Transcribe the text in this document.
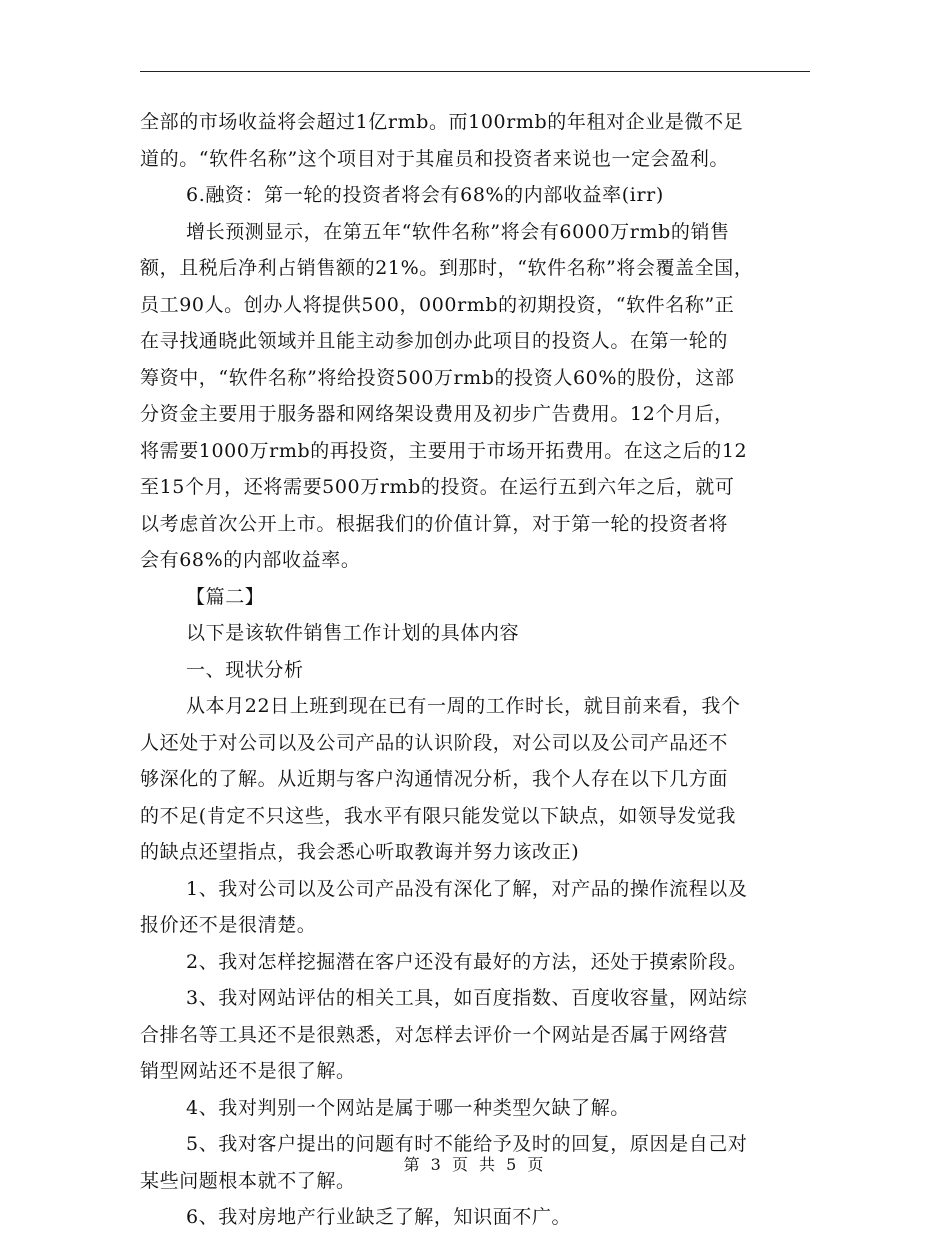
全部的市场收益将会超过1亿rmb。而100rmb的年租对企业是微不足
道的。“软件名称”这个项目对于其雇员和投资者来说也一定会盈利。
6.融资：第一轮的投资者将会有68%的内部收益率(irr)
增长预测显示，在第五年“软件名称”将会有6000万rmb的销售
额，且税后净利占销售额的21%。到那时，“软件名称”将会覆盖全国，
员工90人。创办人将提供500，000rmb的初期投资，“软件名称”正
在寻找通晓此领域并且能主动参加创办此项目的投资人。在第一轮的
筹资中，“软件名称”将给投资500万rmb的投资人60%的股份，这部
分资金主要用于服务器和网络架设费用及初步广告费用。12个月后，
将需要1000万rmb的再投资，主要用于市场开拓费用。在这之后的12
至15个月，还将需要500万rmb的投资。在运行五到六年之后，就可
以考虑首次公开上市。根据我们的价值计算，对于第一轮的投资者将
会有68%的内部收益率。
【篇二】
以下是该软件销售工作计划的具体内容
一、现状分析
从本月22日上班到现在已有一周的工作时长，就目前来看，我个
人还处于对公司以及公司产品的认识阶段，对公司以及公司产品还不
够深化的了解。从近期与客户沟通情况分析，我个人存在以下几方面
的不足(肯定不只这些，我水平有限只能发觉以下缺点，如领导发觉我
的缺点还望指点，我会悉心听取教诲并努力该改正)
1、我对公司以及公司产品没有深化了解，对产品的操作流程以及
报价还不是很清楚。
2、我对怎样挖掘潜在客户还没有最好的方法，还处于摸索阶段。
3、我对网站评估的相关工具，如百度指数、百度收容量，网站综
合排名等工具还不是很熟悉，对怎样去评价一个网站是否属于网络营
销型网站还不是很了解。
4、我对判别一个网站是属于哪一种类型欠缺了解。
5、我对客户提出的问题有时不能给予及时的回复，原因是自己对
某些问题根本就不了解。
6、我对房地产行业缺乏了解，知识面不广。
第 3 页 共 5 页
